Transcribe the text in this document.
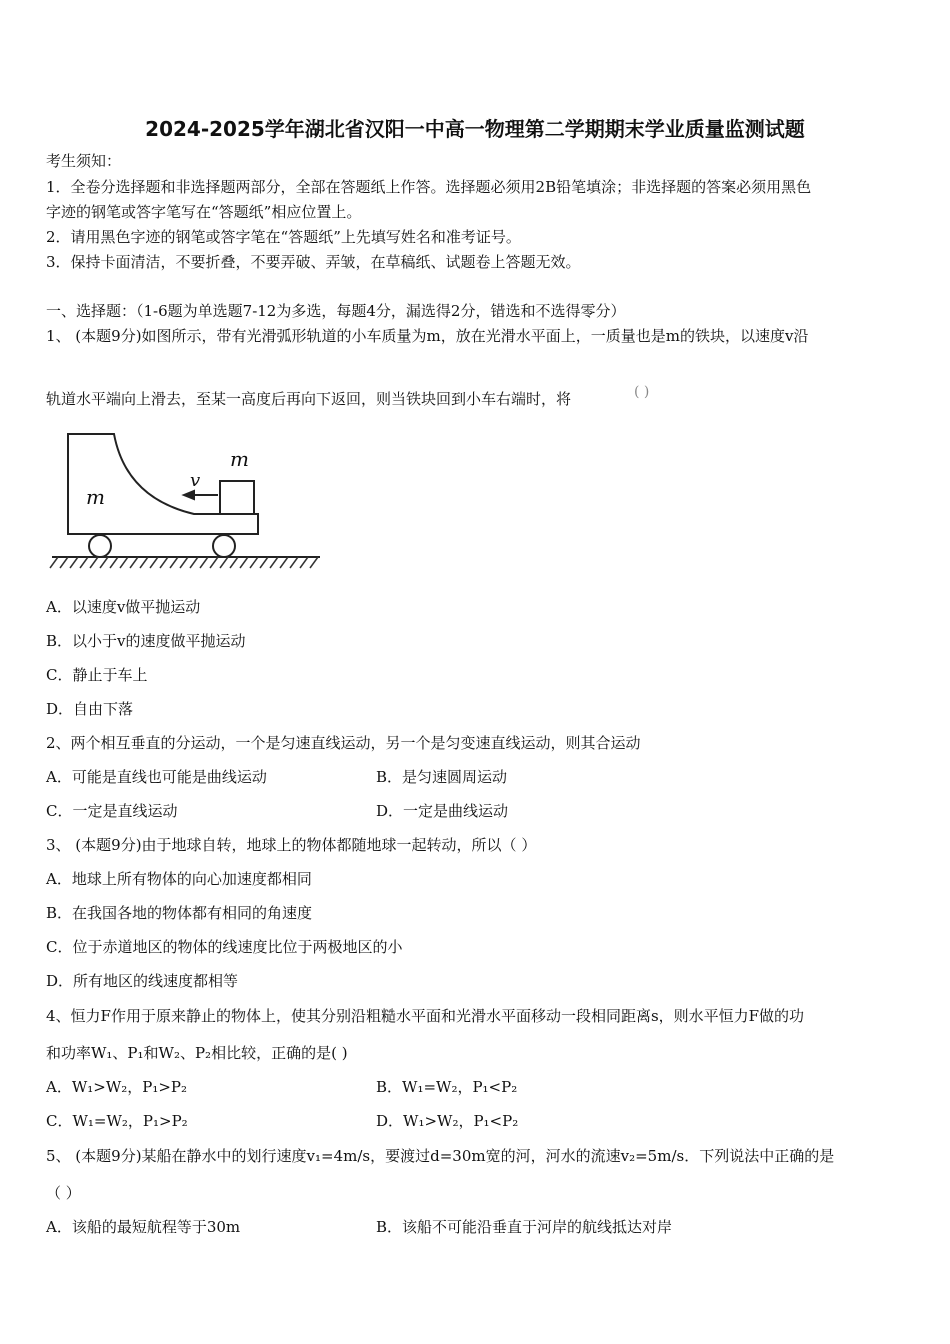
2024-2025学年湖北省汉阳一中高一物理第二学期期末学业质量监测试题
考生须知：
1．全卷分选择题和非选择题两部分，全部在答题纸上作答。选择题必须用2B铅笔填涂；非选择题的答案必须用黑色
字迹的钢笔或答字笔写在“答题纸”相应位置上。
2．请用黑色字迹的钢笔或答字笔在“答题纸”上先填写姓名和准考证号。
3．保持卡面清洁，不要折叠，不要弄破、弄皱，在草稿纸、试题卷上答题无效。
一、选择题：（1-6题为单选题7-12为多选，每题4分，漏选得2分，错选和不选得零分）
1、 (本题9分)如图所示，带有光滑弧形轨道的小车质量为m，放在光滑水平面上，一质量也是m的铁块，以速度v沿
轨道水平端向上滑去，至某一高度后再向下返回，则当铁块回到小车右端时，将	( )
m
v
m
A．以速度v做平抛运动
B．以小于v的速度做平抛运动
C．静止于车上
D．自由下落
2、两个相互垂直的分运动，一个是匀速直线运动，另一个是匀变速直线运动，则其合运动
A．可能是直线也可能是曲线运动	B．是匀速圆周运动
C．一定是直线运动	D．一定是曲线运动
3、 (本题9分)由于地球自转，地球上的物体都随地球一起转动，所以（ ）
A．地球上所有物体的向心加速度都相同
B．在我国各地的物体都有相同的角速度
C．位于赤道地区的物体的线速度比位于两极地区的小
D．所有地区的线速度都相等
4、恒力F作用于原来静止的物体上，使其分别沿粗糙水平面和光滑水平面移动一段相同距离s，则水平恒力F做的功
和功率W₁、P₁和W₂、P₂相比较，正确的是( )
A．W₁>W₂，P₁>P₂	B．W₁=W₂，P₁<P₂
C．W₁=W₂，P₁>P₂	D．W₁>W₂，P₁<P₂
5、 (本题9分)某船在静水中的划行速度v₁=4m/s，要渡过d=30m宽的河，河水的流速v₂=5m/s．下列说法中正确的是
（ ）
A．该船的最短航程等于30m	B．该船不可能沿垂直于河岸的航线抵达对岸
